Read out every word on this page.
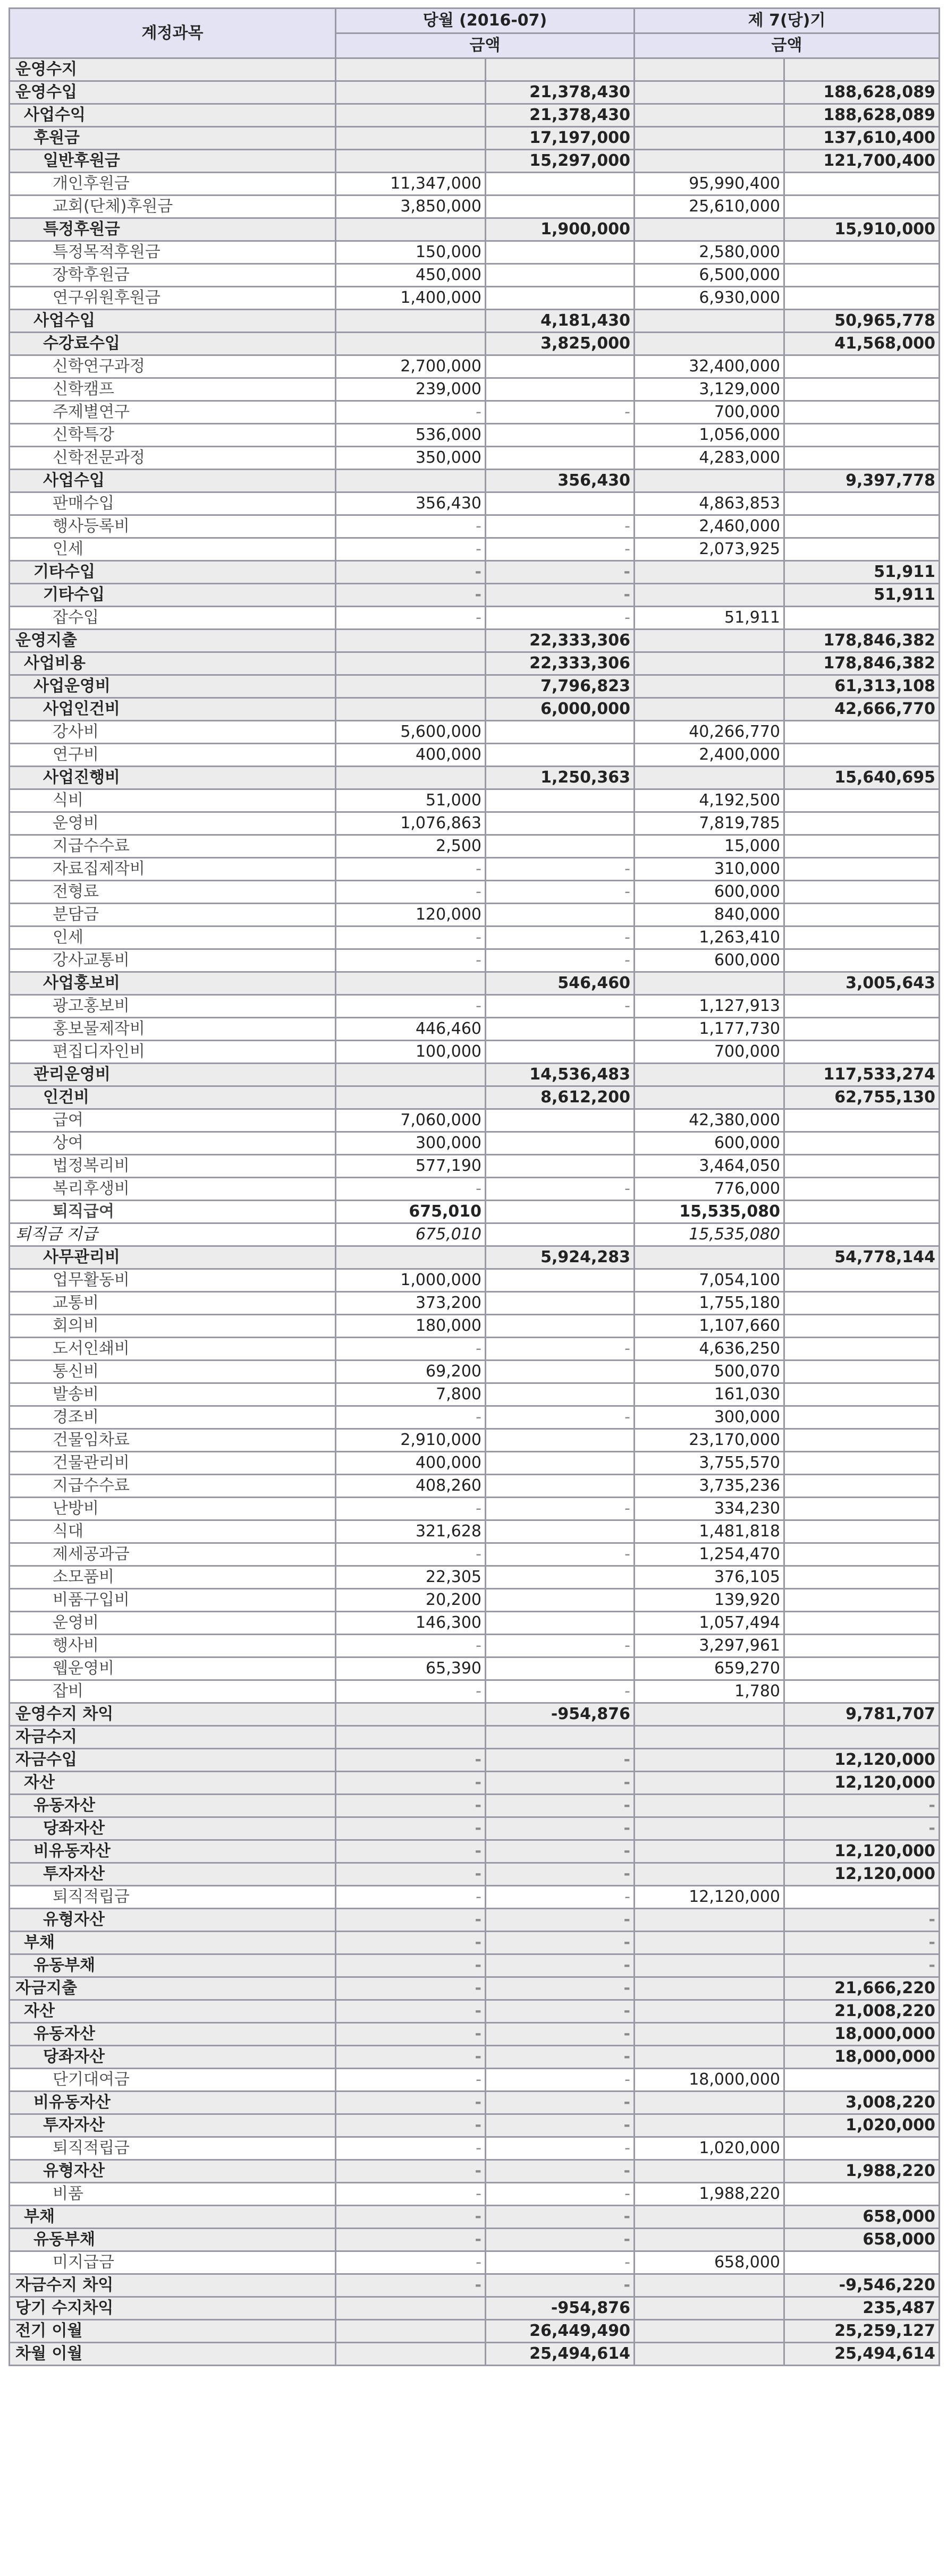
계정과목	당월 (2016-07)		제 7(당)기	
	금액		금액	
운영수지				
운영수입		21,378,430		188,628,089
사업수익		21,378,430		188,628,089
후원금		17,197,000		137,610,400
일반후원금		15,297,000		121,700,400
개인후원금	11,347,000		95,990,400	
교회(단체)후원금	3,850,000		25,610,000	
특정후원금		1,900,000		15,910,000
특정목적후원금	150,000		2,580,000	
장학후원금	450,000		6,500,000	
연구위원후원금	1,400,000		6,930,000	
사업수입		4,181,430		50,965,778
수강료수입		3,825,000		41,568,000
신학연구과정	2,700,000		32,400,000	
신학캠프	239,000		3,129,000	
주제별연구	-	-	700,000	
신학특강	536,000		1,056,000	
신학전문과정	350,000		4,283,000	
사업수입		356,430		9,397,778
판매수입	356,430		4,863,853	
행사등록비	-	-	2,460,000	
인세	-	-	2,073,925	
기타수입	-	-		51,911
기타수입	-	-		51,911
잡수입	-	-	51,911	
운영지출		22,333,306		178,846,382
사업비용		22,333,306		178,846,382
사업운영비		7,796,823		61,313,108
사업인건비		6,000,000		42,666,770
강사비	5,600,000		40,266,770	
연구비	400,000		2,400,000	
사업진행비		1,250,363		15,640,695
식비	51,000		4,192,500	
운영비	1,076,863		7,819,785	
지급수수료	2,500		15,000	
자료집제작비	-	-	310,000	
전형료	-	-	600,000	
분담금	120,000		840,000	
인세	-	-	1,263,410	
강사교통비	-	-	600,000	
사업홍보비		546,460		3,005,643
광고홍보비	-	-	1,127,913	
홍보물제작비	446,460		1,177,730	
편집디자인비	100,000		700,000	
관리운영비		14,536,483		117,533,274
인건비		8,612,200		62,755,130
급여	7,060,000		42,380,000	
상여	300,000		600,000	
법정복리비	577,190		3,464,050	
복리후생비	-	-	776,000	
퇴직급여	675,010		15,535,080	
퇴직금 지급	675,010		15,535,080	
사무관리비		5,924,283		54,778,144
업무활동비	1,000,000		7,054,100	
교통비	373,200		1,755,180	
회의비	180,000		1,107,660	
도서인쇄비	-	-	4,636,250	
통신비	69,200		500,070	
발송비	7,800		161,030	
경조비	-	-	300,000	
건물임차료	2,910,000		23,170,000	
건물관리비	400,000		3,755,570	
지급수수료	408,260		3,735,236	
난방비	-	-	334,230	
식대	321,628		1,481,818	
제세공과금	-	-	1,254,470	
소모품비	22,305		376,105	
비품구입비	20,200		139,920	
운영비	146,300		1,057,494	
행사비	-	-	3,297,961	
웹운영비	65,390		659,270	
잡비	-	-	1,780	
운영수지 차익		-954,876		9,781,707
자금수지				
자금수입	-	-		12,120,000
자산	-	-		12,120,000
유동자산	-	-		-
당좌자산	-	-		-
비유동자산	-	-		12,120,000
투자자산	-	-		12,120,000
퇴직적립금	-	-	12,120,000	
유형자산	-	-		-
부채	-	-		-
유동부채	-	-		-
자금지출	-	-		21,666,220
자산	-	-		21,008,220
유동자산	-	-		18,000,000
당좌자산	-	-		18,000,000
단기대여금	-	-	18,000,000	
비유동자산	-	-		3,008,220
투자자산	-	-		1,020,000
퇴직적립금	-	-	1,020,000	
유형자산	-	-		1,988,220
비품	-	-	1,988,220	
부채	-	-		658,000
유동부채	-	-		658,000
미지급금	-	-	658,000	
자금수지 차익	-	-		-9,546,220
당기 수지차익		-954,876		235,487
전기 이월		26,449,490		25,259,127
차월 이월		25,494,614		25,494,614
